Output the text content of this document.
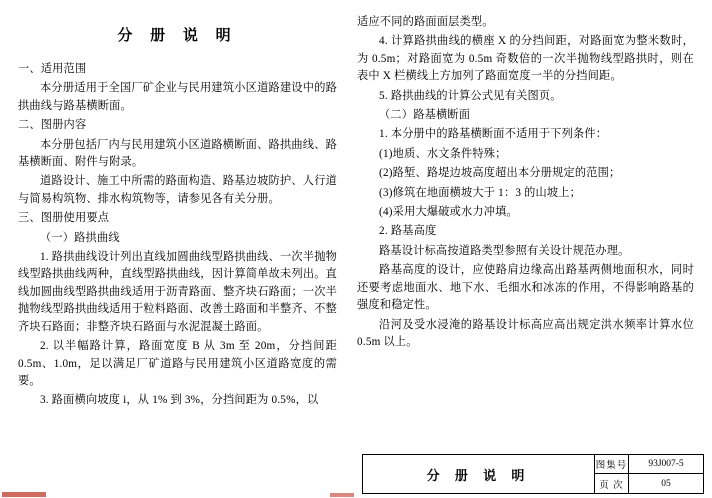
分 册 说 明

一、适用范围

本分册适用于全国厂矿企业与民用建筑小区道路建设中的路拱曲线与路基横断面。

二、图册内容

本分册包括厂内与民用建筑小区道路横断面、路拱曲线、路基横断面、附件与附录。

道路设计、施工中所需的路面构造、路基边坡防护、人行道与简易构筑物、排水构筑物等，请参见各有关分册。

三、图册使用要点

（一）路拱曲线

1. 路拱曲线设计列出直线加圆曲线型路拱曲线、一次半抛物线型路拱曲线两种，直线型路拱曲线，因计算简单故未列出。直线加圆曲线型路拱曲线适用于沥青路面、整齐块石路面；一次半抛物线型路拱曲线适用于粒料路面、改善土路面和半整齐、不整齐块石路面；非整齐块石路面与水泥混凝土路面。

2. 以半幅路计算，路面宽度 B 从 3m 至 20m，分挡间距 0.5m、1.0m，足以满足厂矿道路与民用建筑小区道路宽度的需要。

3. 路面横向坡度 i，从 1% 到 3%，分挡间距为 0.5%，以

适应不同的路面面层类型。

4. 计算路拱曲线的横座 X 的分挡间距，对路面宽为整米数时，为 0.5m；对路面宽为 0.5m 奇数倍的一次半抛物线型路拱时，则在表中 X 栏横线上方加列了路面宽度一半的分挡间距。

5. 路拱曲线的计算公式见有关图页。

（二）路基横断面

1. 本分册中的路基横断面不适用于下列条件：

(1)地质、水文条件特殊；

(2)路堑、路堤边坡高度超出本分册规定的范围；

(3)修筑在地面横坡大于 1：3 的山坡上；

(4)采用大爆破或水力冲填。

2. 路基高度

路基设计标高按道路类型参照有关设计规范办理。

路基高度的设计，应使路肩边缘高出路基两侧地面积水，同时还要考虑地面水、地下水、毛细水和冰冻的作用，不得影响路基的强度和稳定性。

沿河及受水浸淹的路基设计标高应高出规定洪水频率计算水位 0.5m 以上。

分 册 说 明
图集号	93J007-5
页 次	05
